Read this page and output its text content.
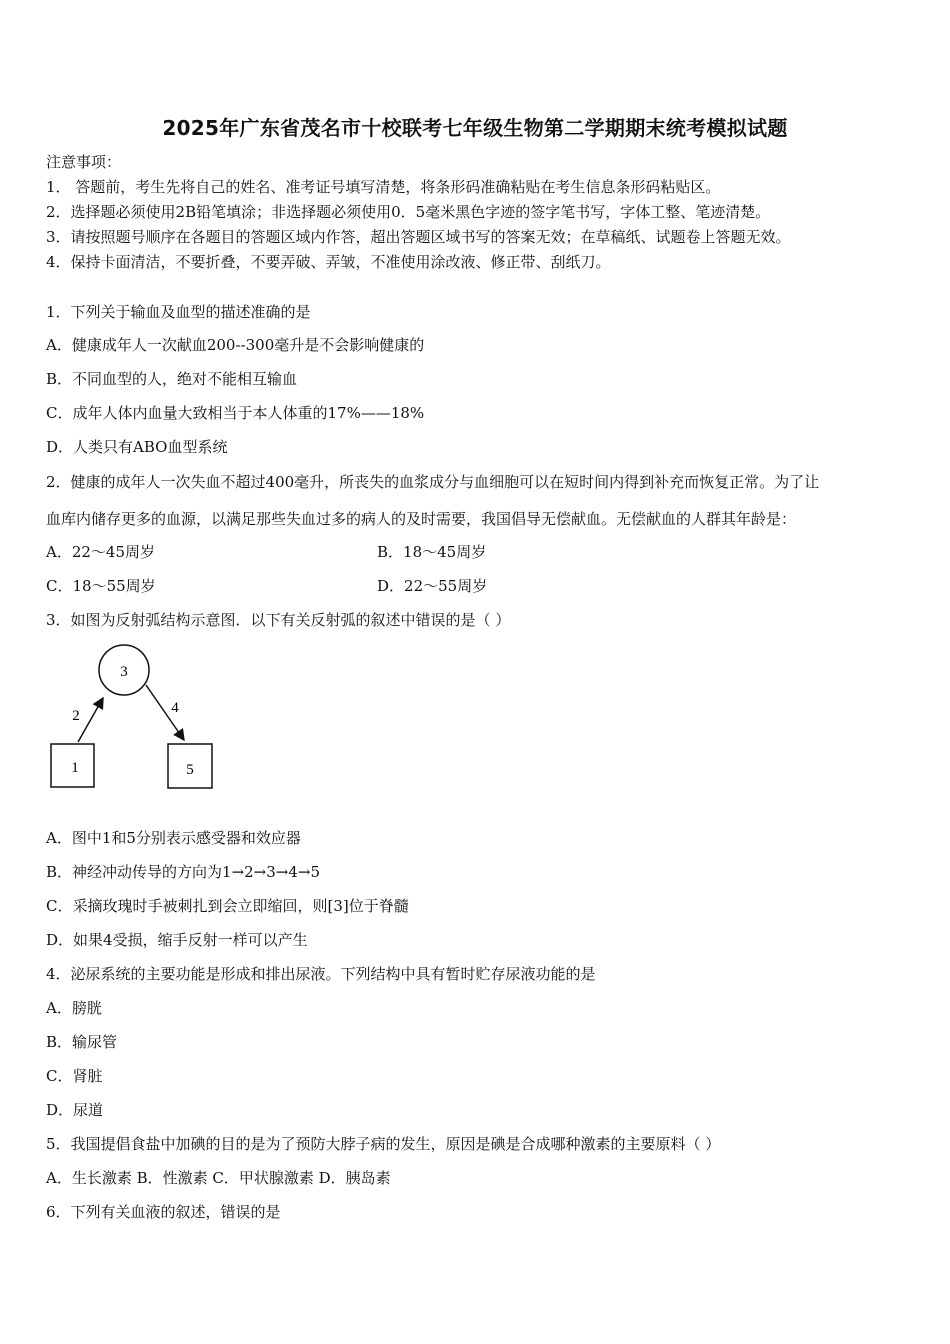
2025年广东省茂名市十校联考七年级生物第二学期期末统考模拟试题
注意事项：
1． 答题前，考生先将自己的姓名、准考证号填写清楚，将条形码准确粘贴在考生信息条形码粘贴区。
2．选择题必须使用2B铅笔填涂；非选择题必须使用0．5毫米黑色字迹的签字笔书写，字体工整、笔迹清楚。
3．请按照题号顺序在各题目的答题区域内作答，超出答题区域书写的答案无效；在草稿纸、试题卷上答题无效。
4．保持卡面清洁，不要折叠，不要弄破、弄皱，不准使用涂改液、修正带、刮纸刀。
1．下列关于输血及血型的描述准确的是
A．健康成年人一次献血200--300毫升是不会影响健康的
B．不同血型的人，绝对不能相互输血
C．成年人体内血量大致相当于本人体重的17%——18%
D．人类只有ABO血型系统
2．健康的成年人一次失血不超过400毫升，所丧失的血浆成分与血细胞可以在短时间内得到补充而恢复正常。为了让
血库内储存更多的血源，以满足那些失血过多的病人的及时需要，我国倡导无偿献血。无偿献血的人群其年龄是：
A．22～45周岁	B．18～45周岁
C．18～55周岁	D．22～55周岁
3．如图为反射弧结构示意图．以下有关反射弧的叙述中错误的是（ ）
3
1	5
2	4
A．图中1和5分别表示感受器和效应器
B．神经冲动传导的方向为1→2→3→4→5
C．采摘玫瑰时手被刺扎到会立即缩回，则[3]位于脊髓
D．如果4受损，缩手反射一样可以产生
4．泌尿系统的主要功能是形成和排出尿液。下列结构中具有暂时贮存尿液功能的是
A．膀胱
B．输尿管
C．肾脏
D．尿道
5．我国提倡食盐中加碘的目的是为了预防大脖子病的发生，原因是碘是合成哪种激素的主要原料（ ）
A．生长激素 B．性激素 C．甲状腺激素 D．胰岛素
6．下列有关血液的叙述，错误的是
